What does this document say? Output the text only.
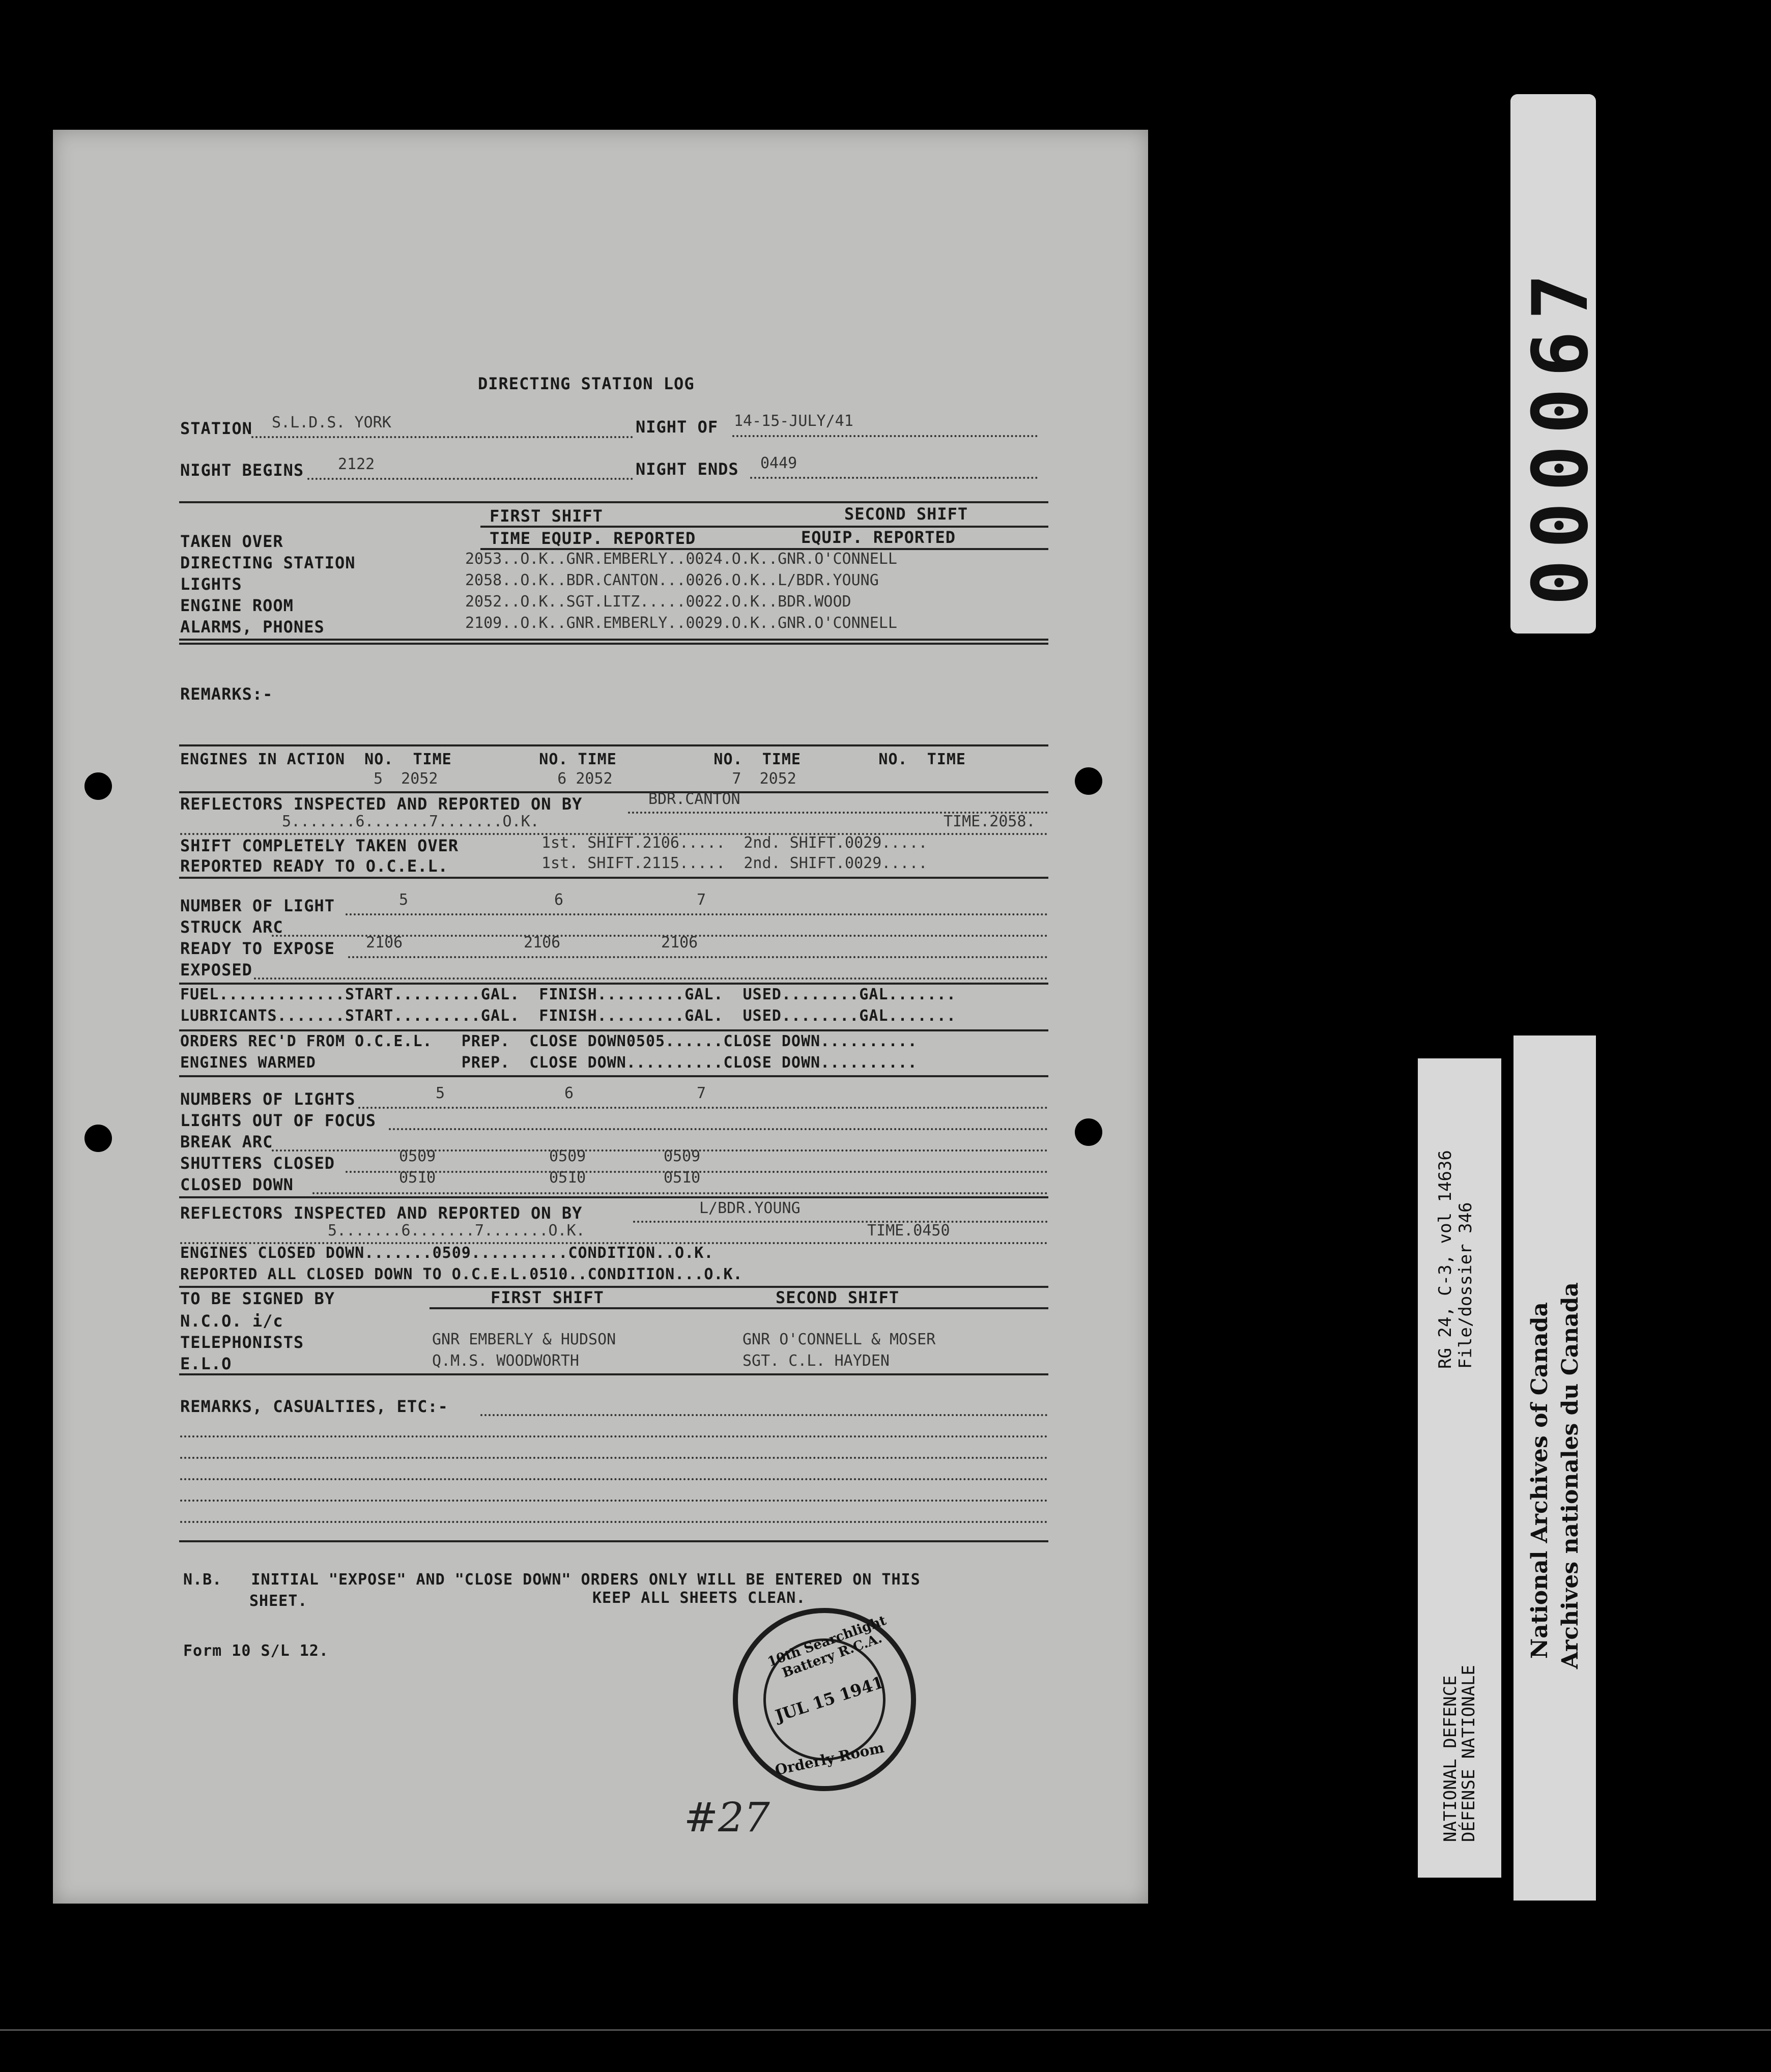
000067
RG 24, C-3, vol 14636 File/dossier 346
NATIONAL DEFENCE
DÉFENSE NATIONALE
National Archives of Canada Archives nationales du Canada
DIRECTING STATION LOG
STATION S.L.D.S. YORK	NIGHT OF 14-15-JULY/41
NIGHT BEGINS 2122	NIGHT ENDS 0449
FIRST SHIFT	SECOND SHIFT
TAKEN OVER	TIME EQUIP. REPORTED	EQUIP. REPORTED
DIRECTING STATION	2053..O.K..GNR.EMBERLY..0024.O.K..GNR.O'CONNELL
LIGHTS	2058..O.K..BDR.CANTON...0026.O.K..L/BDR.YOUNG
ENGINE ROOM	2052..O.K..SGT.LITZ.....0022.O.K..BDR.WOOD
ALARMS, PHONES	2109..O.K..GNR.EMBERLY..0029.O.K..GNR.O'CONNELL
REMARKS:-
ENGINES IN ACTION  NO.  TIME         NO. TIME          NO.  TIME        NO.  TIME
5  2052             6 2052             7  2052
REFLECTORS INSPECTED AND REPORTED ON BY	BDR.CANTON
5.......6.......7.......O.K.	TIME.2058.
SHIFT COMPLETELY TAKEN OVER	1st. SHIFT.2106.....  2nd. SHIFT.0029.....
REPORTED READY TO O.C.E.L.	1st. SHIFT.2115.....  2nd. SHIFT.0029.....
NUMBER OF LIGHT	5	6	7
STRUCK ARC
READY TO EXPOSE 2106	2106	2106
EXPOSED
FUEL.............START.........GAL.  FINISH.........GAL.  USED........GAL.......
LUBRICANTS.......START.........GAL.  FINISH.........GAL.  USED........GAL.......
ORDERS REC'D FROM O.C.E.L.   PREP.  CLOSE DOWN0505......CLOSE DOWN..........
ENGINES WARMED               PREP.  CLOSE DOWN..........CLOSE DOWN..........
NUMBERS OF LIGHTS	5	6	7
LIGHTS OUT OF FOCUS
BREAK ARC
SHUTTERS CLOSED	0509	0509	0509
CLOSED DOWN	0510	0510	0510
REFLECTORS INSPECTED AND REPORTED ON BY	L/BDR.YOUNG
5.......6.......7.......O.K.	TIME.0450
ENGINES CLOSED DOWN.......0509..........CONDITION..O.K.
REPORTED ALL CLOSED DOWN TO O.C.E.L.0510..CONDITION...O.K.
TO BE SIGNED BY	FIRST SHIFT	SECOND SHIFT
N.C.O. i/c
TELEPHONISTS	GNR EMBERLY & HUDSON	GNR O'CONNELL & MOSER
E.L.O	Q.M.S. WOODWORTH	SGT. C.L. HAYDEN
REMARKS, CASUALTIES, ETC:-
N.B.   INITIAL "EXPOSE" AND "CLOSE DOWN" ORDERS ONLY WILL BE ENTERED ON THIS
SHEET.	KEEP ALL SHEETS CLEAN.
Form 10 S/L 12.
#27
10th Searchlight Battery R.C.A.
JUL 15 1941
Orderly Room
